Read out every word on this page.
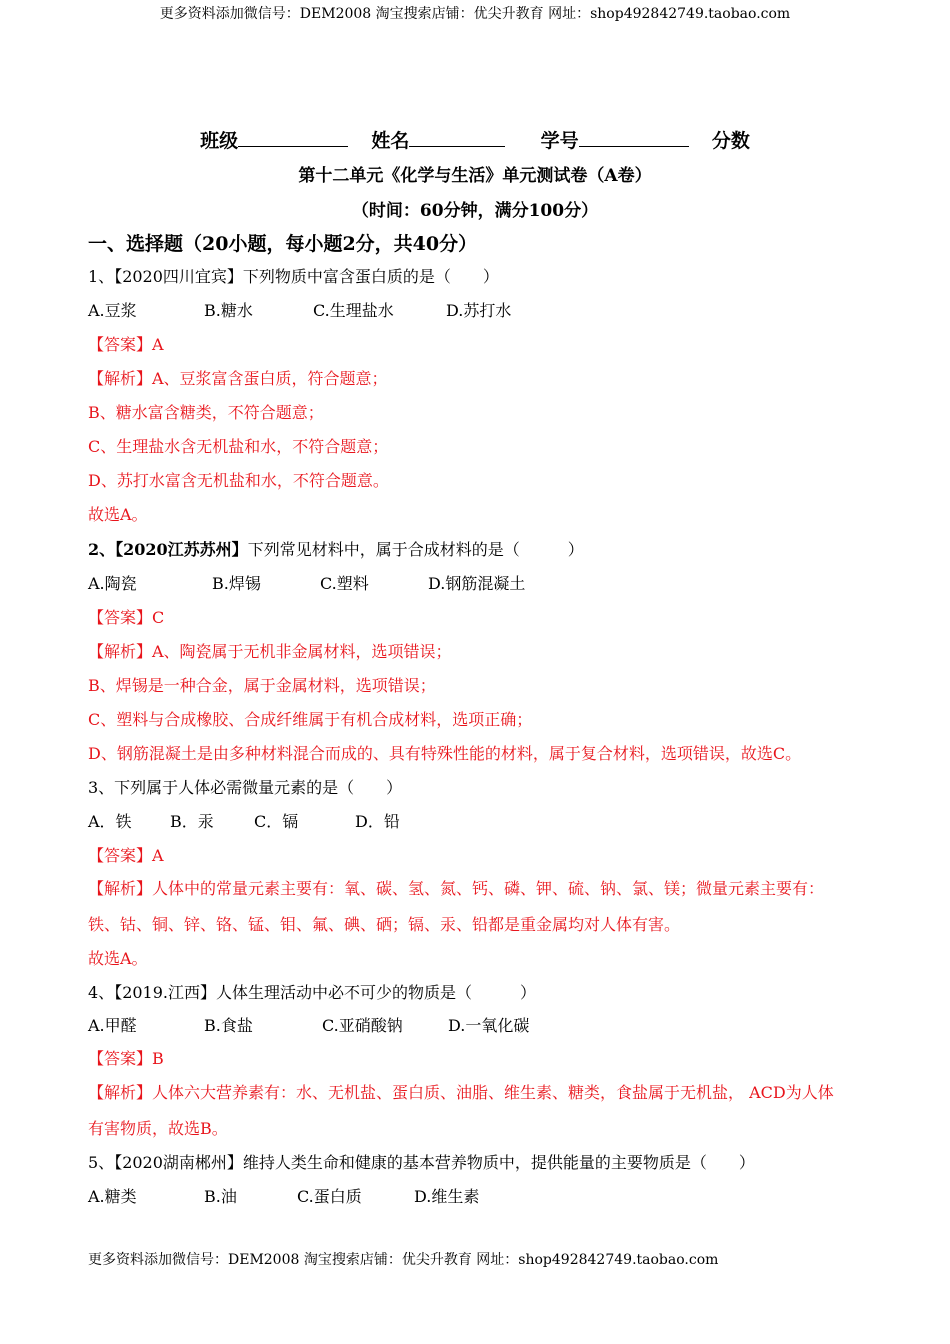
更多资料添加微信号：DEM2008 淘宝搜索店铺：优尖升教育 网址：shop492842749.taobao.com
更多资料添加微信号：DEM2008 淘宝搜索店铺：优尖升教育 网址：shop492842749.taobao.com
班级	姓名	学号	分数
第十二单元《化学与生活》单元测试卷（A卷）
（时间：60分钟，满分100分）
一、选择题（20小题，每小题2分，共40分）
1、【2020四川宜宾】下列物质中富含蛋白质的是（　　）
A.豆浆	B.糖水	C.生理盐水	D.苏打水
【答案】A
【解析】A、豆浆富含蛋白质，符合题意；
B、糖水富含糖类，不符合题意；
C、生理盐水含无机盐和水，不符合题意；
D、苏打水富含无机盐和水，不符合题意。
故选A。
2、【2020江苏苏州】下列常见材料中，属于合成材料的是（　　　）
A.陶瓷	B.焊锡	C.塑料	D.钢筋混凝土
【答案】C
【解析】A、陶瓷属于无机非金属材料，选项错误；
B、焊锡是一种合金，属于金属材料，选项错误；
C、塑料与合成橡胶、合成纤维属于有机合成材料，选项正确；
D、钢筋混凝土是由多种材料混合而成的、具有特殊性能的材料，属于复合材料，选项错误，故选C。
3、下列属于人体必需微量元素的是（　　）
A．铁 B．汞	C．镉	D．铅
【答案】A
【解析】人体中的常量元素主要有：氧、碳、氢、氮、钙、磷、钾、硫、钠、氯、镁；微量元素主要有：
铁、钴、铜、锌、铬、锰、钼、氟、碘、硒；镉、汞、铅都是重金属均对人体有害。
故选A。
4、【2019.江西】人体生理活动中必不可少的物质是（　　　）
A.甲醛	B.食盐	C.亚硝酸钠	D.一氧化碳
【答案】B
【解析】人体六大营养素有：水、无机盐、蛋白质、油脂、维生素、糖类，食盐属于无机盐， ACD为人体
有害物质，故选B。
5、【2020湖南郴州】维持人类生命和健康的基本营养物质中，提供能量的主要物质是（　　）
A.糖类	B.油	C.蛋白质	D.维生素
